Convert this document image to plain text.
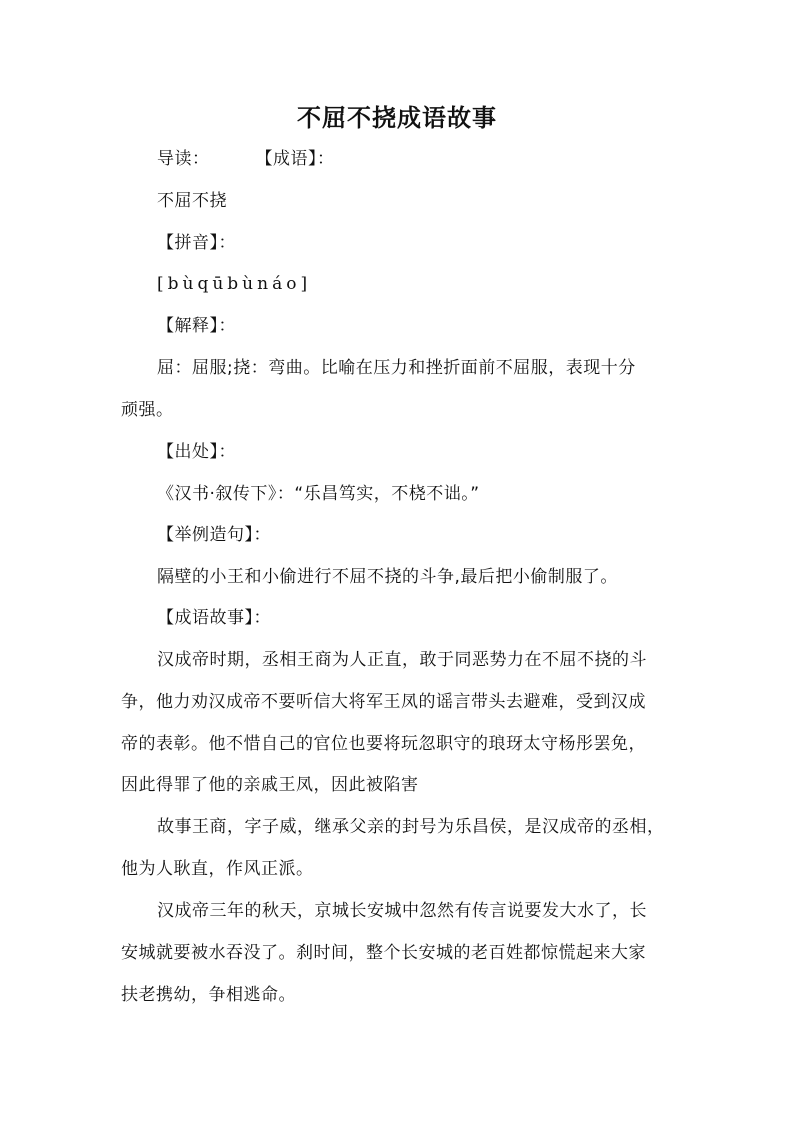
不屈不挠成语故事
导读：	【成语】：
不屈不挠
【拼音】：
[bùqūbùnáo]
【解释】：
屈：屈服;挠：弯曲。比喻在压力和挫折面前不屈服，表现十分
顽强。
【出处】：
《汉书·叙传下》：“乐昌笃实，不桡不诎。”
【举例造句】：
隔壁的小王和小偷进行不屈不挠的斗争,最后把小偷制服了。
【成语故事】：
汉成帝时期，丞相王商为人正直，敢于同恶势力在不屈不挠的斗
争，他力劝汉成帝不要听信大将军王凤的谣言带头去避难，受到汉成
帝的表彰。他不惜自己的官位也要将玩忽职守的琅玡太守杨彤罢免，
因此得罪了他的亲戚王凤，因此被陷害
故事王商，字子威，继承父亲的封号为乐昌侯，是汉成帝的丞相，
他为人耿直，作风正派。
汉成帝三年的秋天，京城长安城中忽然有传言说要发大水了，长
安城就要被水吞没了。刹时间，整个长安城的老百姓都惊慌起来大家
扶老携幼，争相逃命。
